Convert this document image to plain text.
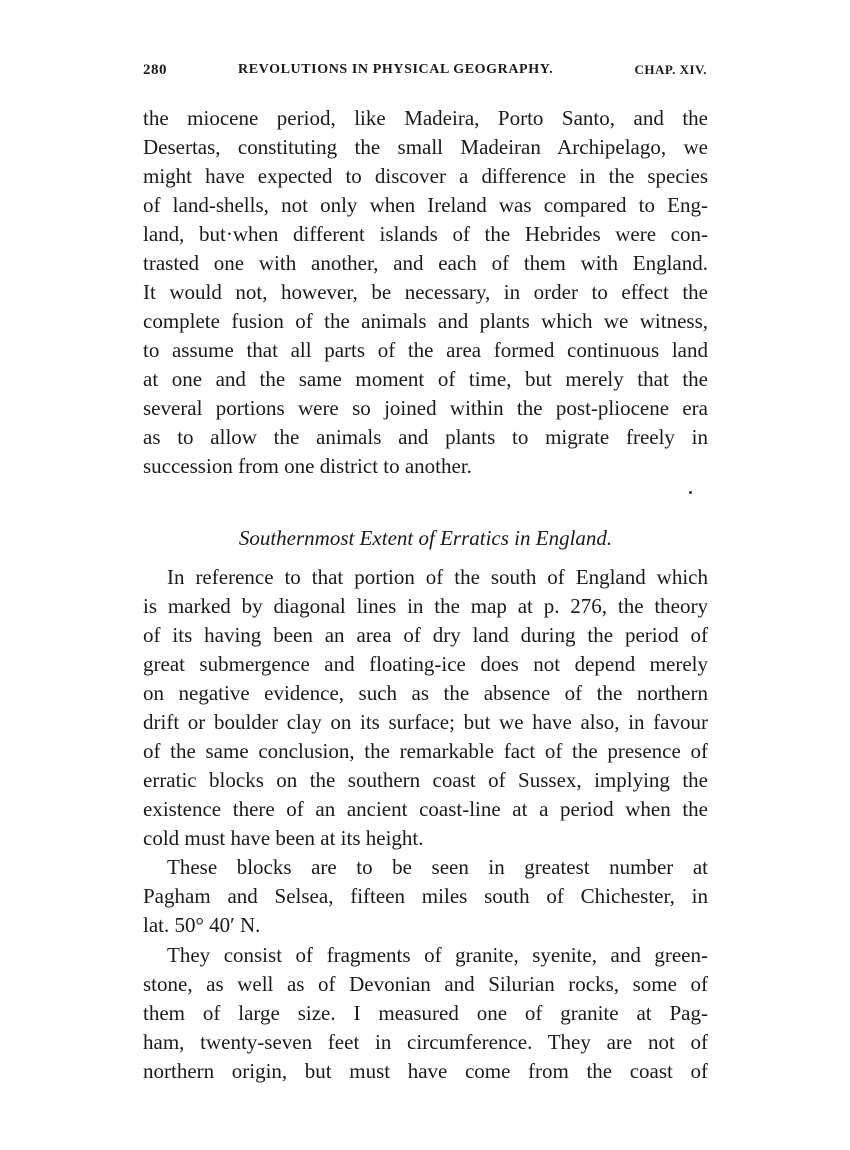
280	REVOLUTIONS IN PHYSICAL GEOGRAPHY.	CHAP. XIV.
the miocene period, like Madeira, Porto Santo, and the
Desertas, constituting the small Madeiran Archipelago, we
might have expected to discover a difference in the species
of land-shells, not only when Ireland was compared to Eng-
land, but·when different islands of the Hebrides were con-
trasted one with another, and each of them with England.
It would not, however, be necessary, in order to effect the
complete fusion of the animals and plants which we witness,
to assume that all parts of the area formed continuous land
at one and the same moment of time, but merely that the
several portions were so joined within the post-pliocene era
as to allow the animals and plants to migrate freely in
succession from one district to another.
Southernmost Extent of Erratics in England.
In reference to that portion of the south of England which
is marked by diagonal lines in the map at p. 276, the theory
of its having been an area of dry land during the period of
great submergence and floating-ice does not depend merely
on negative evidence, such as the absence of the northern
drift or boulder clay on its surface; but we have also, in favour
of the same conclusion, the remarkable fact of the presence of
erratic blocks on the southern coast of Sussex, implying the
existence there of an ancient coast-line at a period when the
cold must have been at its height.
These blocks are to be seen in greatest number at
Pagham and Selsea, fifteen miles south of Chichester, in
lat. 50° 40′ N.
They consist of fragments of granite, syenite, and green-
stone, as well as of Devonian and Silurian rocks, some of
them of large size. I measured one of granite at Pag-
ham, twenty-seven feet in circumference. They are not of
northern origin, but must have come from the coast of
